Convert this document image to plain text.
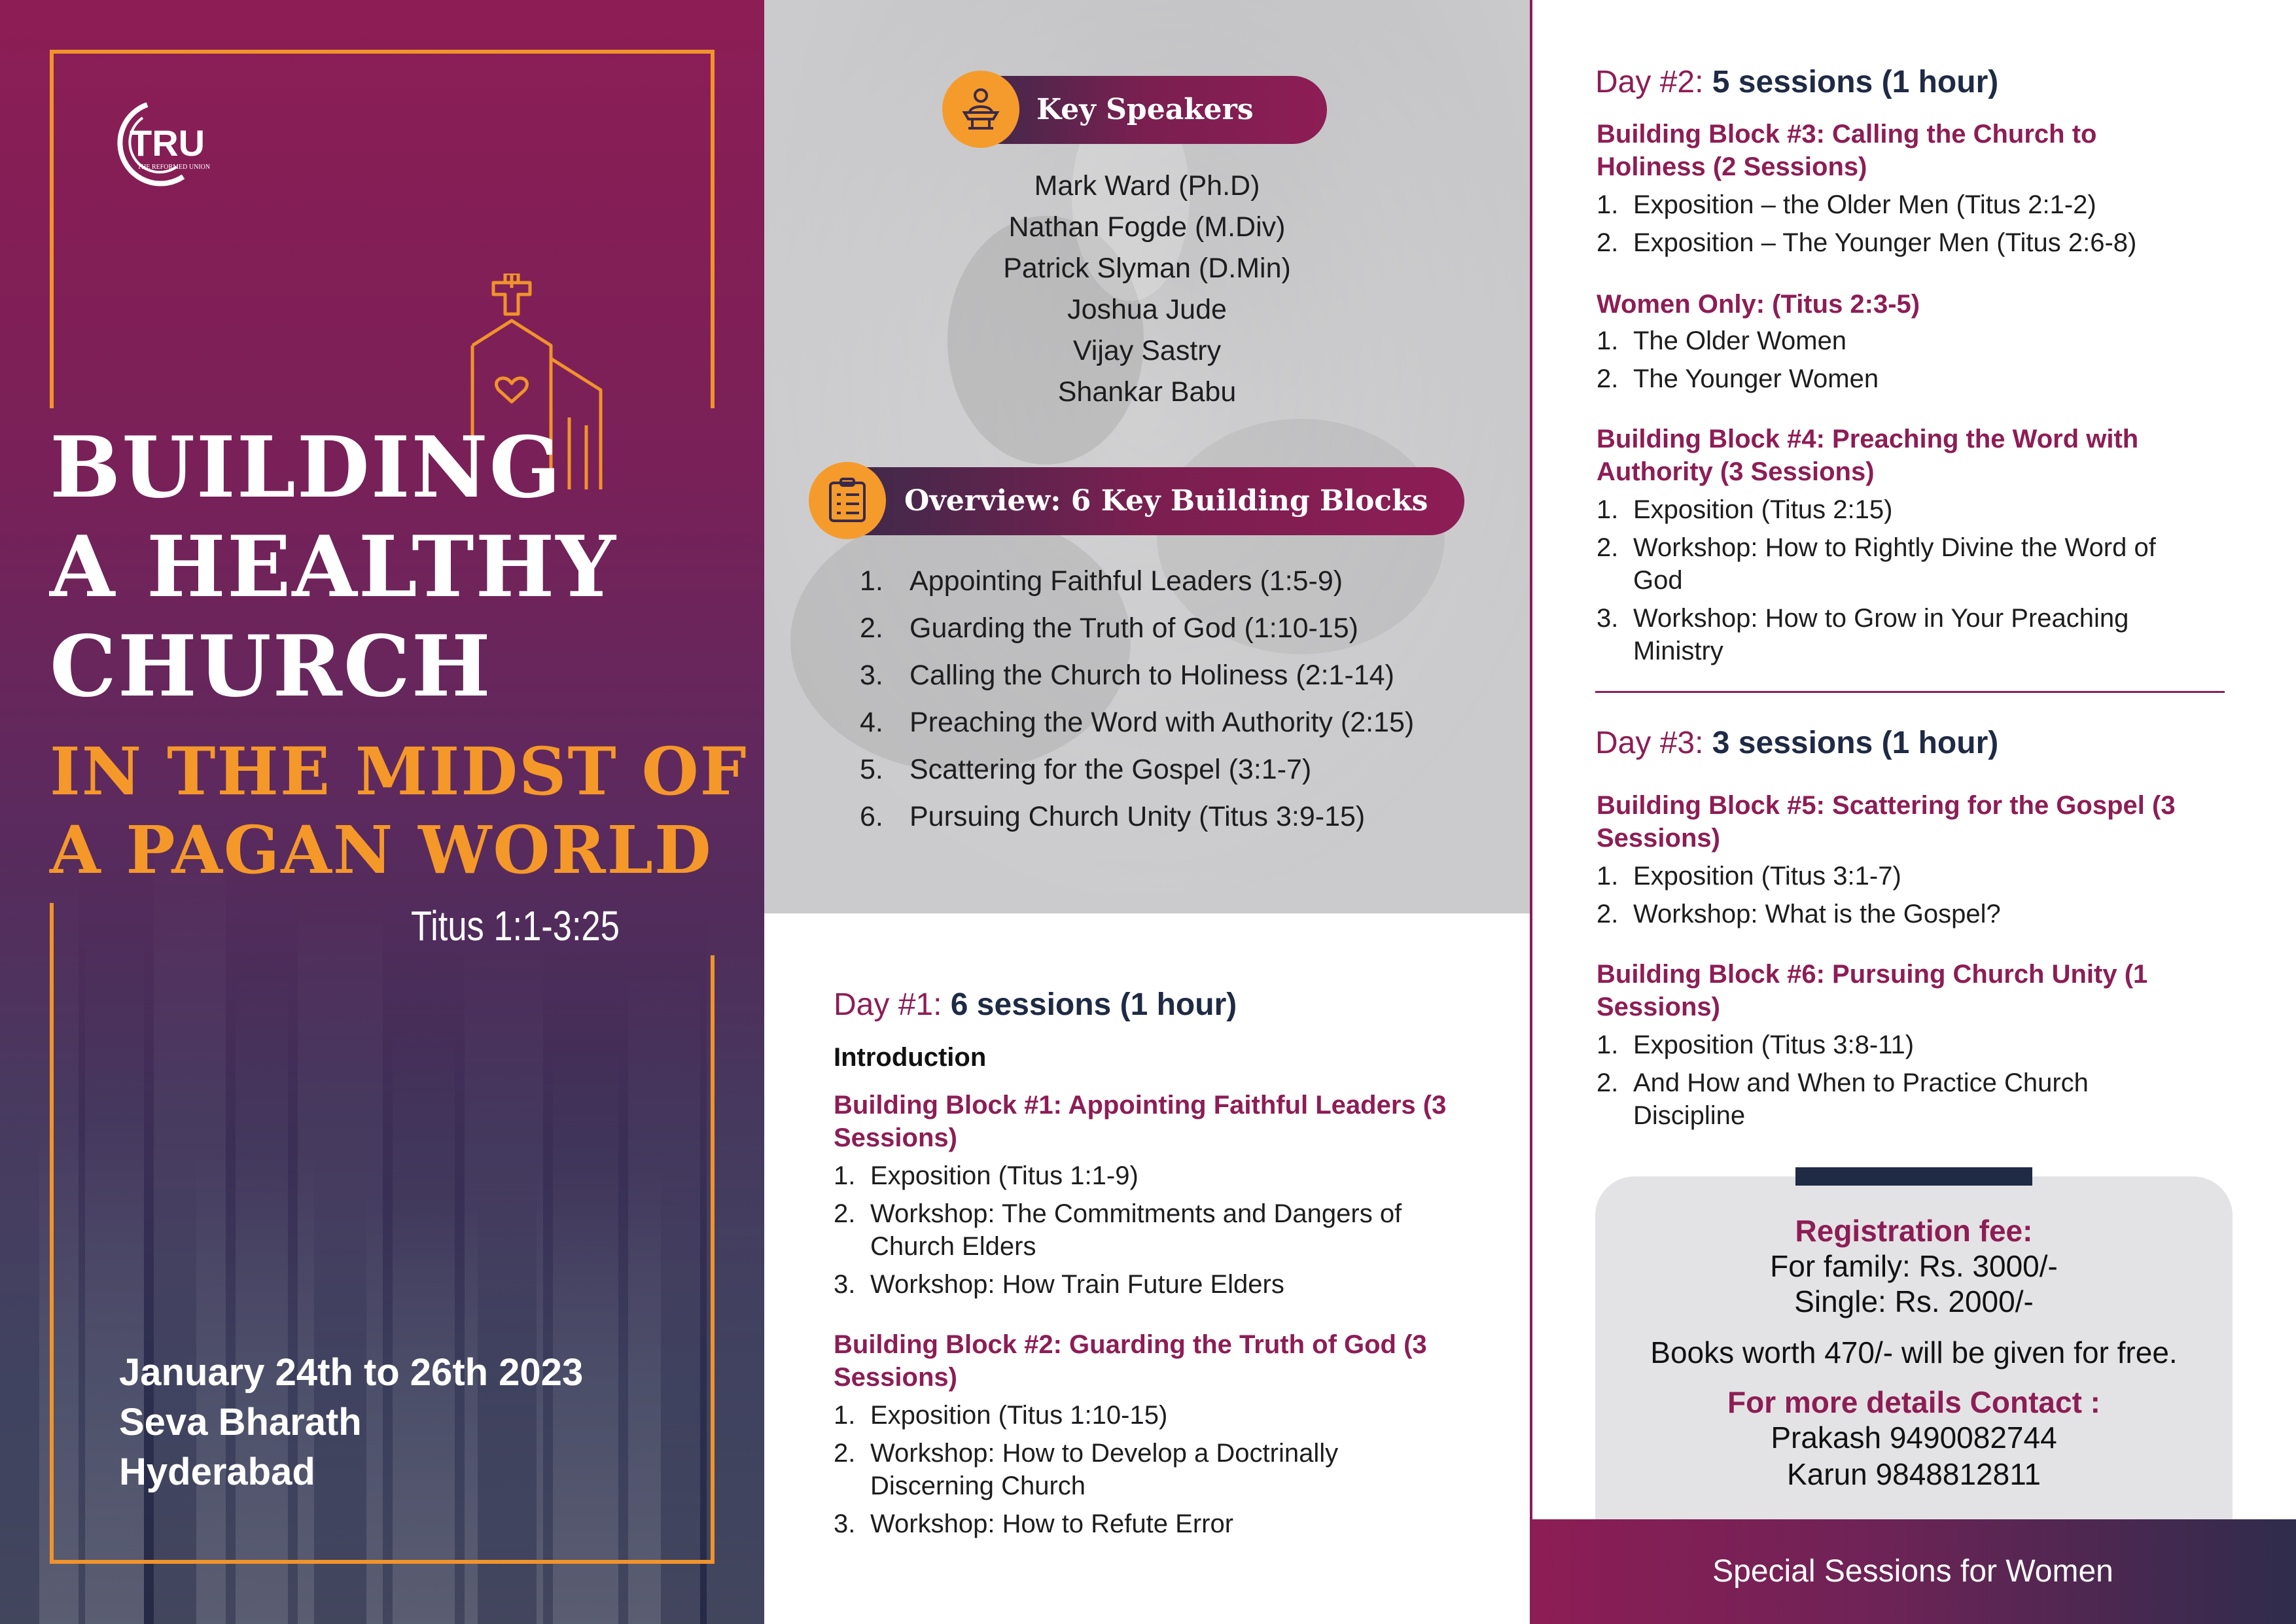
TRU
THE REFORMED UNION
BUILDING
A HEALTHY
CHURCH
IN THE MIDST OF
A PAGAN WORLD
Titus 1:1-3:25
January 24th to 26th 2023
Seva Bharath
Hyderabad
Key Speakers
Mark Ward (Ph.D)
Nathan Fogde (M.Div)
Patrick Slyman (D.Min)
Joshua Jude
Vijay Sastry
Shankar Babu
Overview: 6 Key Building Blocks
1. Appointing Faithful Leaders (1:5-9)
2. Guarding the Truth of God (1:10-15)
3. Calling the Church to Holiness (2:1-14)
4. Preaching the Word with Authority (2:15)
5. Scattering for the Gospel (3:1-7)
6. Pursuing Church Unity (Titus 3:9-15)
Day #1: 6 sessions (1 hour)
Introduction
Building Block #1: Appointing Faithful Leaders (3 Sessions)
1. Exposition (Titus 1:1-9)
2. Workshop: The Commitments and Dangers of Church Elders
3. Workshop: How Train Future Elders
Building Block #2: Guarding the Truth of God (3 Sessions)
1. Exposition (Titus 1:10-15)
2. Workshop: How to Develop a Doctrinally Discerning Church
3. Workshop: How to Refute Error
Day #2: 5 sessions (1 hour)
Building Block #3: Calling the Church to Holiness (2 Sessions)
1. Exposition – the Older Men (Titus 2:1-2)
2. Exposition – The Younger Men (Titus 2:6-8)
Women Only: (Titus 2:3-5)
1. The Older Women
2. The Younger Women
Building Block #4: Preaching the Word with Authority (3 Sessions)
1. Exposition (Titus 2:15)
2. Workshop: How to Rightly Divine the Word of God
3. Workshop: How to Grow in Your Preaching Ministry
Day #3: 3 sessions (1 hour)
Building Block #5: Scattering for the Gospel (3 Sessions)
1. Exposition (Titus 3:1-7)
2. Workshop: What is the Gospel?
Building Block #6: Pursuing Church Unity (1 Sessions)
1. Exposition (Titus 3:8-11)
2. And How and When to Practice Church Discipline
Registration fee:
For family: Rs. 3000/-
Single: Rs. 2000/-
Books worth 470/- will be given for free.
For more details Contact :
Prakash 9490082744
Karun 9848812811
Special Sessions for Women
